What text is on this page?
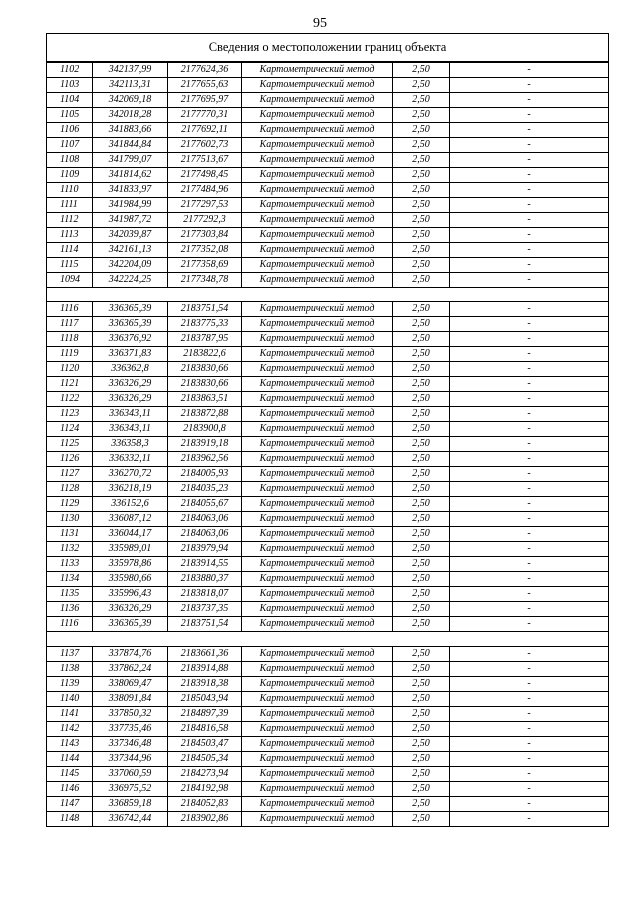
95
Сведения о местоположении границ объекта					
1102	342137,99	2177624,36	Картометрический метод	2,50	-
1103	342113,31	2177655,63	Картометрический метод	2,50	-
1104	342069,18	2177695,97	Картометрический метод	2,50	-
1105	342018,28	2177770,31	Картометрический метод	2,50	-
1106	341883,66	2177692,11	Картометрический метод	2,50	-
1107	341844,84	2177602,73	Картометрический метод	2,50	-
1108	341799,07	2177513,67	Картометрический метод	2,50	-
1109	341814,62	2177498,45	Картометрический метод	2,50	-
1110	341833,97	2177484,96	Картометрический метод	2,50	-
1111	341984,99	2177297,53	Картометрический метод	2,50	-
1112	341987,72	2177292,3	Картометрический метод	2,50	-
1113	342039,87	2177303,84	Картометрический метод	2,50	-
1114	342161,13	2177352,08	Картометрический метод	2,50	-
1115	342204,09	2177358,69	Картометрический метод	2,50	-
1094	342224,25	2177348,78	Картометрический метод	2,50	-

1116	336365,39	2183751,54	Картометрический метод	2,50	-
1117	336365,39	2183775,33	Картометрический метод	2,50	-
1118	336376,92	2183787,95	Картометрический метод	2,50	-
1119	336371,83	2183822,6	Картометрический метод	2,50	-
1120	336362,8	2183830,66	Картометрический метод	2,50	-
1121	336326,29	2183830,66	Картометрический метод	2,50	-
1122	336326,29	2183863,51	Картометрический метод	2,50	-
1123	336343,11	2183872,88	Картометрический метод	2,50	-
1124	336343,11	2183900,8	Картометрический метод	2,50	-
1125	336358,3	2183919,18	Картометрический метод	2,50	-
1126	336332,11	2183962,56	Картометрический метод	2,50	-
1127	336270,72	2184005,93	Картометрический метод	2,50	-
1128	336218,19	2184035,23	Картометрический метод	2,50	-
1129	336152,6	2184055,67	Картометрический метод	2,50	-
1130	336087,12	2184063,06	Картометрический метод	2,50	-
1131	336044,17	2184063,06	Картометрический метод	2,50	-
1132	335989,01	2183979,94	Картометрический метод	2,50	-
1133	335978,86	2183914,55	Картометрический метод	2,50	-
1134	335980,66	2183880,37	Картометрический метод	2,50	-
1135	335996,43	2183818,07	Картометрический метод	2,50	-
1136	336326,29	2183737,35	Картометрический метод	2,50	-
1116	336365,39	2183751,54	Картометрический метод	2,50	-

1137	337874,76	2183661,36	Картометрический метод	2,50	-
1138	337862,24	2183914,88	Картометрический метод	2,50	-
1139	338069,47	2183918,38	Картометрический метод	2,50	-
1140	338091,84	2185043,94	Картометрический метод	2,50	-
1141	337850,32	2184897,39	Картометрический метод	2,50	-
1142	337735,46	2184816,58	Картометрический метод	2,50	-
1143	337346,48	2184503,47	Картометрический метод	2,50	-
1144	337344,96	2184505,34	Картометрический метод	2,50	-
1145	337060,59	2184273,94	Картометрический метод	2,50	-
1146	336975,52	2184192,98	Картометрический метод	2,50	-
1147	336859,18	2184052,83	Картометрический метод	2,50	-
1148	336742,44	2183902,86	Картометрический метод	2,50	-
